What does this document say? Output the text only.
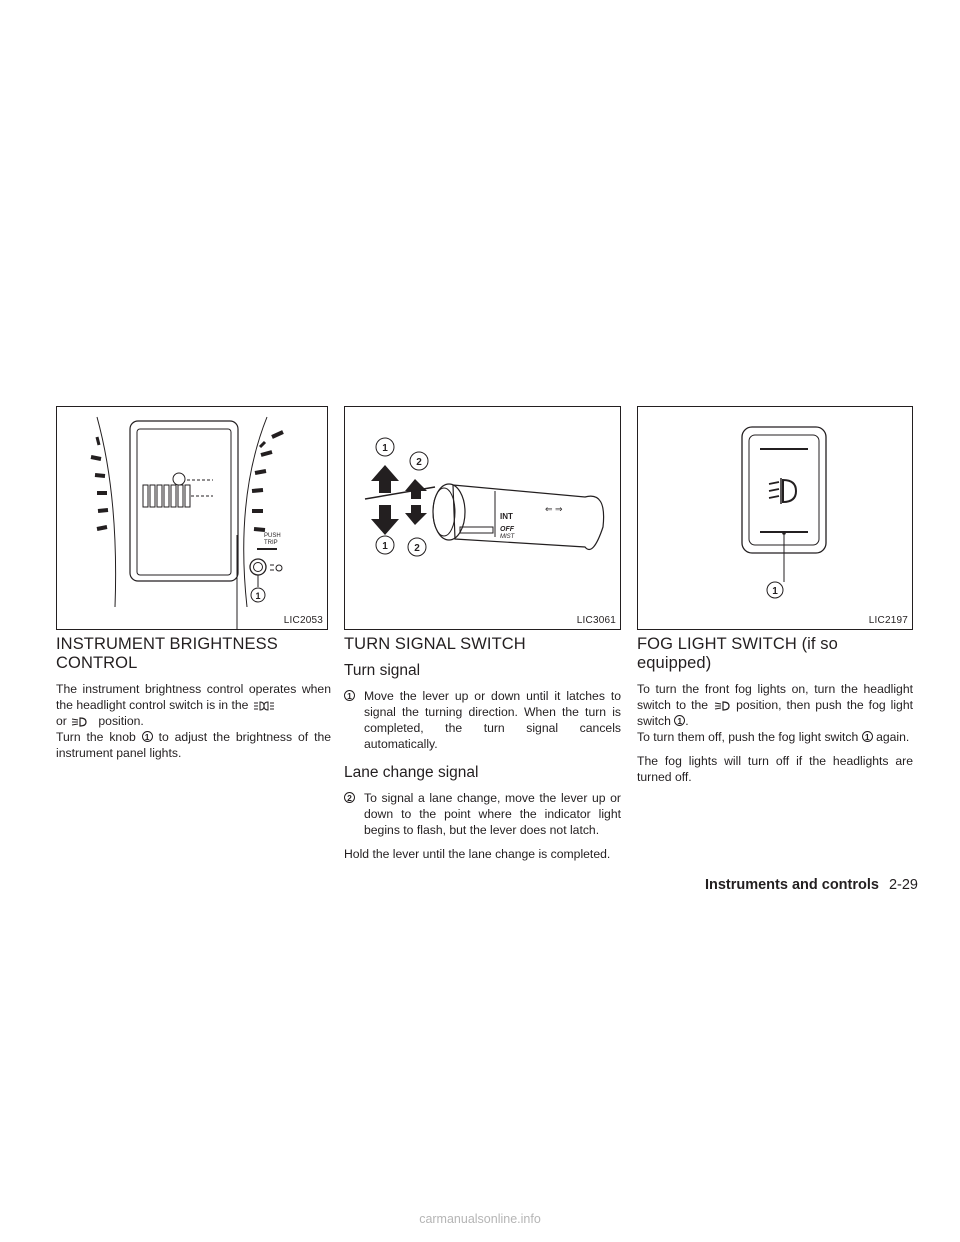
PUSH
TRIP
1
LIC2053
1
2
1	2
INT
OFF
MIST
⇐ ⇒
LIC3061
1
LIC2197
INSTRUMENT BRIGHTNESS
CONTROL

The instrument brightness control operates when the headlight control switch is in the
or	position.

Turn the knob 1 to adjust the brightness of the instrument panel lights.

TURN SIGNAL SWITCH
Turn signal
1 Move the lever up or down until it latches to signal the turning direction. When the turn is completed, the turn signal cancels automatically.
Lane change signal
2 To signal a lane change, move the lever up or down to the point where the indicator light begins to flash, but the lever does not latch.

Hold the lever until the lane change is completed.

FOG LIGHT SWITCH (if so equipped)

To turn the front fog lights on, turn the headlight switch to the position, then push the fog light switch 1 .

To turn them off, push the fog light switch 1 again.

The fog lights will turn off if the headlights are turned off.

Instruments and controls 2-29
carmanualsonline.info
